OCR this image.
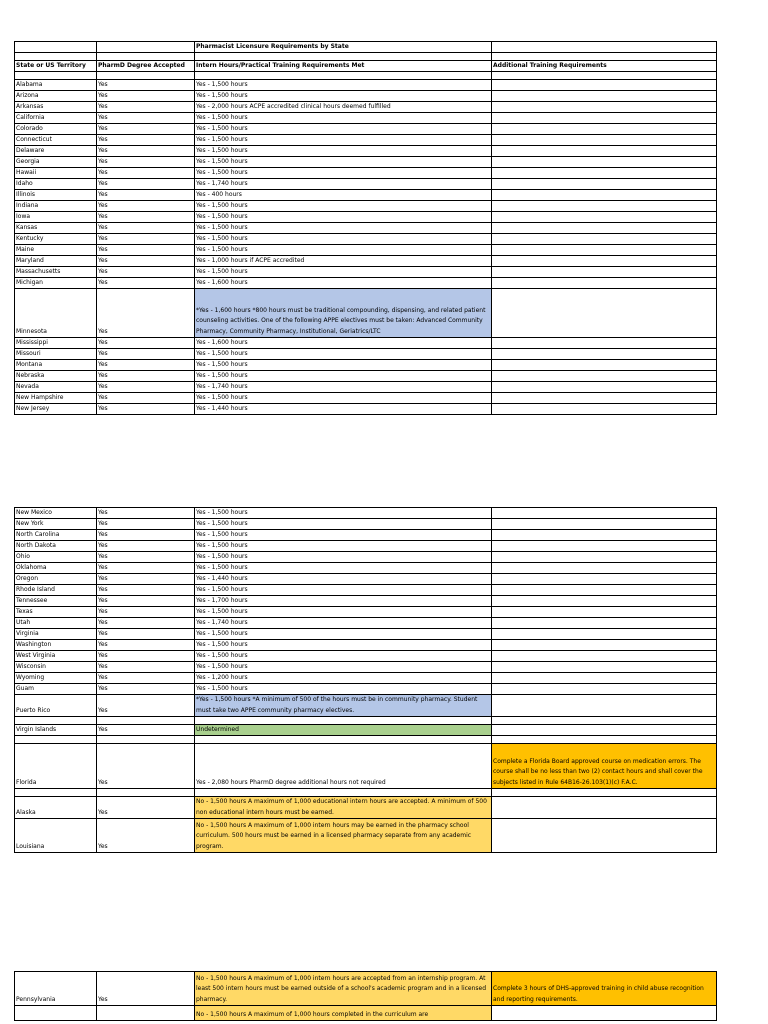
		Pharmacist Licensure Requirements by State	

State or US Territory	PharmD Degree Accepted	Intern Hours/Practical Training Requirements Met	Additional Training Requirements

Alabama	Yes	Yes - 1,500 hours	
Arizona	Yes	Yes - 1,500 hours	
Arkansas	Yes	Yes - 2,000 hours ACPE accredited clinical hours deemed fulfilled	
California	Yes	Yes - 1,500 hours	
Colorado	Yes	Yes - 1,500 hours	
Connecticut	Yes	Yes - 1,500 hours	
Delaware	Yes	Yes - 1,500 hours	
Georgia	Yes	Yes - 1,500 hours	
Hawaii	Yes	Yes - 1,500 hours	
Idaho	Yes	Yes - 1,740 hours	
Illinois	Yes	Yes - 400 hours	
Indiana	Yes	Yes - 1,500 hours	
Iowa	Yes	Yes - 1,500 hours	
Kansas	Yes	Yes - 1,500 hours	
Kentucky	Yes	Yes - 1,500 hours	
Maine	Yes	Yes - 1,500 hours	
Maryland	Yes	Yes - 1,000 hours if ACPE accredited	
Massachusetts	Yes	Yes - 1,500 hours	
Michigan	Yes	Yes - 1,600 hours	
Minnesota	Yes	*Yes - 1,600 hours *800 hours must be traditional compounding, dispensing, and related patient counseling activities. One of the following APPE electives must be taken: Advanced Community Pharmacy, Community Pharmacy, Institutional, Geriatrics/LTC	
Mississippi	Yes	Yes - 1,600 hours	
Missouri	Yes	Yes - 1,500 hours	
Montana	Yes	Yes - 1,500 hours	
Nebraska	Yes	Yes - 1,500 hours	
Nevada	Yes	Yes - 1,740 hours	
New Hampshire	Yes	Yes - 1,500 hours	
New Jersey	Yes	Yes - 1,440 hours	
New Mexico	Yes	Yes - 1,500 hours	
New York	Yes	Yes - 1,500 hours	
North Carolina	Yes	Yes - 1,500 hours	
North Dakota	Yes	Yes - 1,500 hours	
Ohio	Yes	Yes - 1,500 hours	
Oklahoma	Yes	Yes - 1,500 hours	
Oregon	Yes	Yes - 1,440 hours	
Rhode Island	Yes	Yes - 1,500 hours	
Tennessee	Yes	Yes - 1,700 hours	
Texas	Yes	Yes - 1,500 hours	
Utah	Yes	Yes - 1,740 hours	
Virginia	Yes	Yes - 1,500 hours	
Washington	Yes	Yes - 1,500 hours	
West Virginia	Yes	Yes - 1,500 hours	
Wisconsin	Yes	Yes - 1,500 hours	
Wyoming	Yes	Yes - 1,200 hours	
Guam	Yes	Yes - 1,500 hours	
Puerto Rico	Yes	*Yes - 1,500 hours *A minimum of 500 of the hours must be in community pharmacy. Student must take two APPE community pharmacy electives.	

Virgin Islands	Yes	Undetermined	

Florida	Yes	Yes - 2,080 hours PharmD degree additional hours not required	Complete a Florida Board approved course on medication errors. The course shall be no less than two (2) contact hours and shall cover the subjects listed in Rule 64B16-26.103(1)(c) F.A.C.

Alaska	Yes	No - 1,500 hours A maximum of 1,000 educational intern hours are accepted. A minimum of 500 non educational intern hours must be earned.	
Louisiana	Yes	No - 1,500 hours A maximum of 1,000 intern hours may be earned in the pharmacy school curriculum. 500 hours must be earned in a licensed pharmacy separate from any academic program.	
Pennsylvania	Yes	No - 1,500 hours A maximum of 1,000 intern hours are accepted from an internship program. At least 500 intern hours must be earned outside of a school's academic program and in a licensed pharmacy.	Complete 3 hours of DHS-approved training in child abuse recognition and reporting requirements.
		No - 1,500 hours A maximum of 1,000 hours completed in the curriculum are	
